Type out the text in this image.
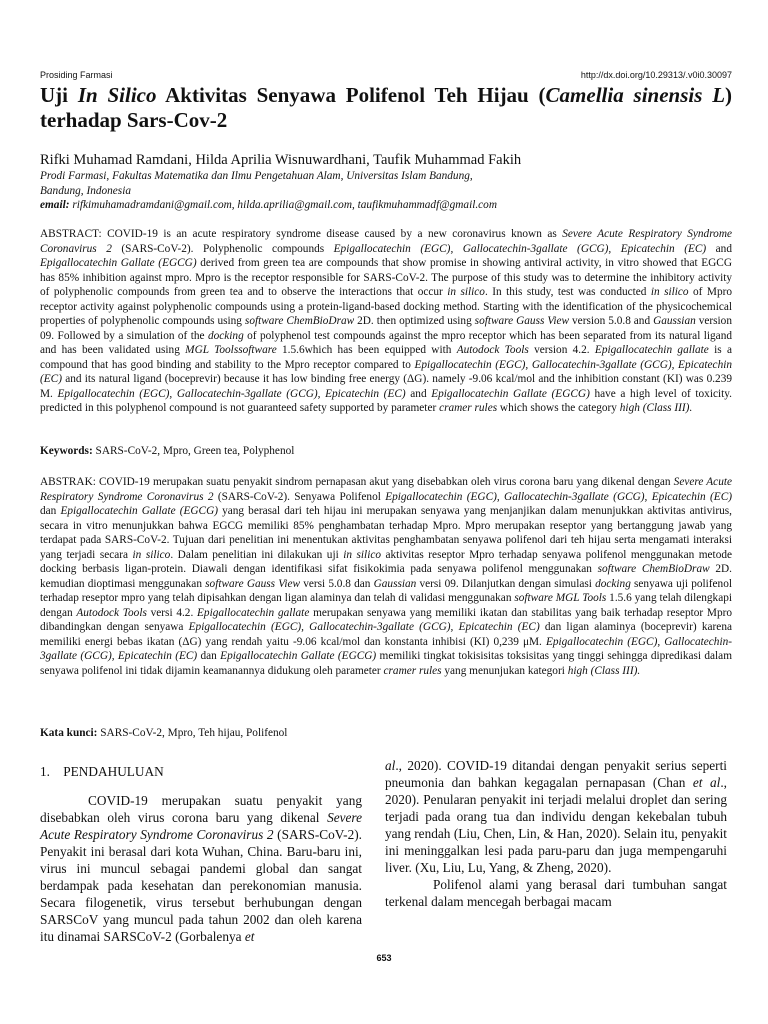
Prosiding Farmasi	http://dx.doi.org/10.29313/.v0i0.30097
Uji In Silico Aktivitas Senyawa Polifenol Teh Hijau (Camellia sinensis L) terhadap Sars-Cov-2
Rifki Muhamad Ramdani, Hilda Aprilia Wisnuwardhani, Taufik Muhammad Fakih
Prodi Farmasi, Fakultas Matematika dan Ilmu Pengetahuan Alam, Universitas Islam Bandung,
Bandung, Indonesia
email: rifkimuhamadramdani@gmail.com, hilda.aprilia@gmail.com, taufikmuhammadf@gmail.com
ABSTRACT: COVID-19 is an acute respiratory syndrome disease caused by a new coronavirus known as Severe Acute Respiratory Syndrome Coronavirus 2 (SARS-CoV-2). Polyphenolic compounds Epigallocatechin (EGC), Gallocatechin-3gallate (GCG), Epicatechin (EC) and Epigallocatechin Gallate (EGCG) derived from green tea are compounds that show promise in showing antiviral activity, in vitro showed that EGCG has 85% inhibition against mpro. Mpro is the receptor responsible for SARS-CoV-2. The purpose of this study was to determine the inhibitory activity of polyphenolic compounds from green tea and to observe the interactions that occur in silico. In this study, test was conducted in silico of Mpro receptor activity against polyphenolic compounds using a protein-ligand-based docking method. Starting with the identification of the physicochemical properties of polyphenolic compounds using software ChemBioDraw 2D. then optimized using software Gauss View version 5.0.8 and Gaussian version 09. Followed by a simulation of the docking of polyphenol test compounds against the mpro receptor which has been separated from its natural ligand and has been validated using MGL Toolssoftware 1.5.6which has been equipped with Autodock Tools version 4.2. Epigallocatechin gallate is a compound that has good binding and stability to the Mpro receptor compared to Epigallocatechin (EGC), Gallocatechin-3gallate (GCG), Epicatechin (EC) and its natural ligand (boceprevir) because it has low binding free energy (ΔG). namely -9.06 kcal/mol and the inhibition constant (KI) was 0.239 M. Epigallocatechin (EGC), Gallocatechin-3gallate (GCG), Epicatechin (EC) and Epigallocatechin Gallate (EGCG) have a high level of toxicity. predicted in this polyphenol compound is not guaranteed safety supported by parameter cramer rules which shows the category high (Class III).
Keywords: SARS-CoV-2, Mpro, Green tea, Polyphenol
ABSTRAK: COVID-19 merupakan suatu penyakit sindrom pernapasan akut yang disebabkan oleh virus corona baru yang dikenal dengan Severe Acute Respiratory Syndrome Coronavirus 2 (SARS-CoV-2). Senyawa Polifenol Epigallocatechin (EGC), Gallocatechin-3gallate (GCG), Epicatechin (EC) dan Epigallocatechin Gallate (EGCG) yang berasal dari teh hijau ini merupakan senyawa yang menjanjikan dalam menunjukkan aktivitas antivirus, secara in vitro menunjukkan bahwa EGCG memiliki 85% penghambatan terhadap Mpro. Mpro merupakan reseptor yang bertanggung jawab yang terdapat pada SARS-CoV-2. Tujuan dari penelitian ini menentukan aktivitas penghambatan senyawa polifenol dari teh hijau serta mengamati interaksi yang terjadi secara in silico. Dalam penelitian ini dilakukan uji in silico aktivitas reseptor Mpro terhadap senyawa polifenol menggunakan metode docking berbasis ligan-protein. Diawali dengan identifikasi sifat fisikokimia pada senyawa polifenol menggunakan software ChemBioDraw 2D. kemudian dioptimasi menggunakan software Gauss View versi 5.0.8 dan Gaussian versi 09. Dilanjutkan dengan simulasi docking senyawa uji polifenol terhadap reseptor mpro yang telah dipisahkan dengan ligan alaminya dan telah di validasi menggunakan software MGL Tools 1.5.6 yang telah dilengkapi dengan Autodock Tools versi 4.2. Epigallocatechin gallate merupakan senyawa yang memiliki ikatan dan stabilitas yang baik terhadap reseptor Mpro dibandingkan dengan senyawa Epigallocatechin (EGC), Gallocatechin-3gallate (GCG), Epicatechin (EC) dan ligan alaminya (boceprevir) karena memiliki energi bebas ikatan (ΔG) yang rendah yaitu -9.06 kcal/mol dan konstanta inhibisi (KI) 0,239 μM. Epigallocatechin (EGC), Gallocatechin-3gallate (GCG), Epicatechin (EC) dan Epigallocatechin Gallate (EGCG) memiliki tingkat tokisisitas toksisitas yang tinggi sehingga dipredikasi dalam senyawa polifenol ini tidak dijamin keamanannya didukung oleh parameter cramer rules yang menunjukan kategori high (Class III).
Kata kunci: SARS-CoV-2, Mpro, Teh hijau, Polifenol
1. PENDAHULUAN
COVID-19 merupakan suatu penyakit yang disebabkan oleh virus corona baru yang dikenal Severe Acute Respiratory Syndrome Coronavirus 2 (SARS-CoV-2). Penyakit ini berasal dari kota Wuhan, China. Baru-baru ini, virus ini muncul sebagai pandemi global dan sangat berdampak pada kesehatan dan perekonomian manusia. Secara filogenetik, virus tersebut berhubungan dengan SARSCoV yang muncul pada tahun 2002 dan oleh karena itu dinamai SARSCoV-2 (Gorbalenya et
al., 2020). COVID-19 ditandai dengan penyakit serius seperti pneumonia dan bahkan kegagalan pernapasan (Chan et al., 2020). Penularan penyakit ini terjadi melalui droplet dan sering terjadi pada orang tua dan individu dengan kekebalan tubuh yang rendah (Liu, Chen, Lin, & Han, 2020). Selain itu, penyakit ini meninggalkan lesi pada paru-paru dan juga mempengaruhi liver. (Xu, Liu, Lu, Yang, & Zheng, 2020).
Polifenol alami yang berasal dari tumbuhan sangat terkenal dalam mencegah berbagai macam
653
